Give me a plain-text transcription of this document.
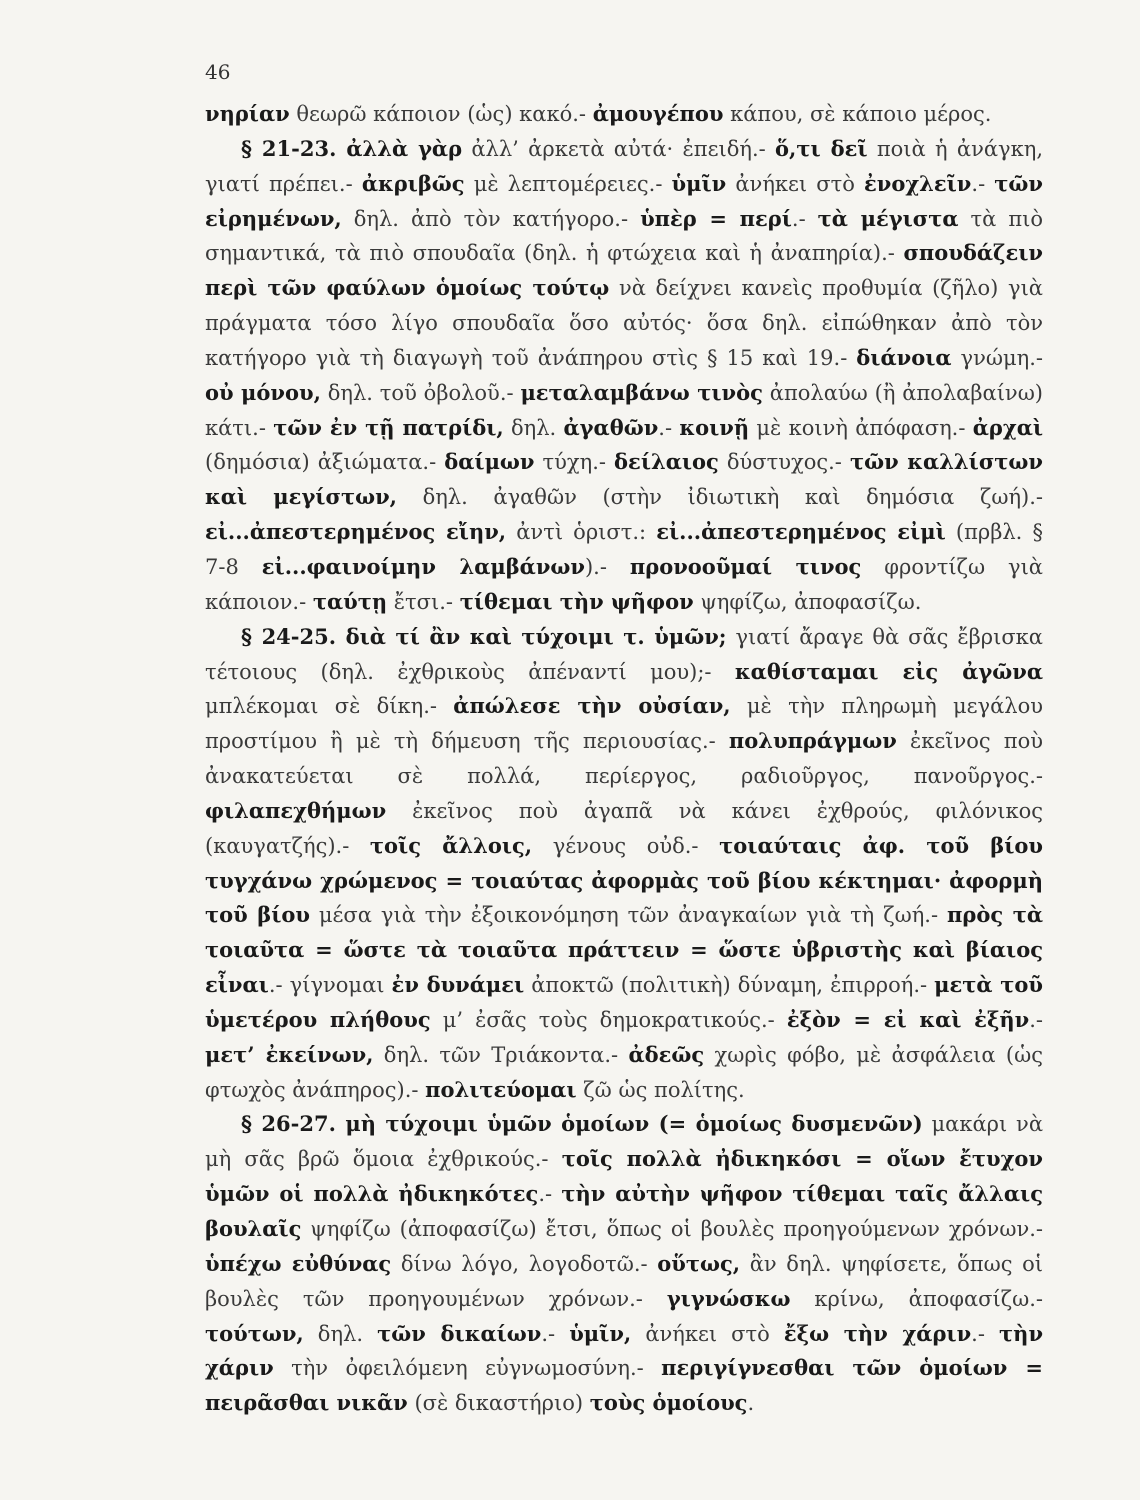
46

νηρίαν θεωρῶ κάποιον (ὡς) κακό.- ἀμουγέπου κάπου, σὲ κάποιο μέρος.

§ 21-23. ἀλλὰ γὰρ ἀλλ’ ἀρκετὰ αὐτά· ἐπειδή.- ὅ,τι δεῖ ποιὰ ἡ ἀνάγκη, γιατί πρέπει.- ἀκριβῶς μὲ λεπτομέρειες.- ὑμῖν ἀνήκει στὸ ἐνοχλεῖν.- τῶν εἰρημένων, δηλ. ἀπὸ τὸν κατήγορο.- ὑπὲρ = περί.- τὰ μέγιστα τὰ πιὸ σημαντικά, τὰ πιὸ σπουδαῖα (δηλ. ἡ φτώχεια καὶ ἡ ἀναπηρία).- σπουδάζειν περὶ τῶν φαύλων ὁμοίως τούτῳ νὰ δείχνει κανεὶς προθυμία (ζῆλο) γιὰ πράγματα τόσο λίγο σπουδαῖα ὅσο αὐτός· ὅσα δηλ. εἰπώθηκαν ἀπὸ τὸν κατήγορο γιὰ τὴ διαγωγὴ τοῦ ἀνάπηρου στὶς § 15 καὶ 19.- διάνοια γνώμη.- οὐ μόνου, δηλ. τοῦ ὀβολοῦ.- μεταλαμβάνω τινὸς ἀπολαύω (ἢ ἀπολαβαίνω) κάτι.- τῶν ἐν τῇ πατρίδι, δηλ. ἀγαθῶν.- κοινῇ μὲ κοινὴ ἀπόφαση.- ἀρχαὶ (δημόσια) ἀξιώματα.- δαίμων τύχη.- δείλαιος δύστυχος.- τῶν καλλίστων καὶ μεγίστων, δηλ. ἀγαθῶν (στὴν ἰδιωτικὴ καὶ δημόσια ζωή).- εἰ...ἀπεστερημένος εἴην, ἀντὶ ὁριστ.: εἰ...ἀπεστερημένος εἰμὶ (πρβλ. § 7-8 εἰ...φαινοίμην λαμβάνων).- προνοοῦμαί τινος φροντίζω γιὰ κάποιον.- ταύτῃ ἔτσι.- τίθεμαι τὴν ψῆφον ψηφίζω, ἀποφασίζω.

§ 24-25. διὰ τί ἂν καὶ τύχοιμι τ. ὑμῶν; γιατί ἄραγε θὰ σᾶς ἔβρισκα τέτοιους (δηλ. ἐχθρικοὺς ἀπέναντί μου);- καθίσταμαι εἰς ἀγῶνα μπλέκομαι σὲ δίκη.- ἀπώλεσε τὴν οὐσίαν, μὲ τὴν πληρωμὴ μεγάλου προστίμου ἢ μὲ τὴ δήμευση τῆς περιουσίας.- πολυπράγμων ἐκεῖνος ποὺ ἀνακατεύεται σὲ πολλά, περίεργος, ραδιοῦργος, πανοῦργος.- φιλαπεχθήμων ἐκεῖνος ποὺ ἀγαπᾶ νὰ κάνει ἐχθρούς, φιλόνικος (καυγατζής).- τοῖς ἄλλοις, γένους οὐδ.- τοιαύταις ἀφ. τοῦ βίου τυγχάνω χρώμενος = τοιαύτας ἀφορμὰς τοῦ βίου κέκτημαι· ἀφορμὴ τοῦ βίου μέσα γιὰ τὴν ἐξοικονόμηση τῶν ἀναγκαίων γιὰ τὴ ζωή.- πρὸς τὰ τοιαῦτα = ὥστε τὰ τοιαῦτα πράττειν = ὥστε ὑβριστὴς καὶ βίαιος εἶναι.- γίγνομαι ἐν δυνάμει ἀποκτῶ (πολιτικὴ) δύναμη, ἐπιρροή.- μετὰ τοῦ ὑμετέρου πλήθους μ’ ἐσᾶς τοὺς δημοκρατικούς.- ἐξὸν = εἰ καὶ ἐξῆν.- μετ’ ἐκείνων, δηλ. τῶν Τριάκοντα.- ἀδεῶς χωρὶς φόβο, μὲ ἀσφάλεια (ὡς φτωχὸς ἀνάπηρος).- πολιτεύομαι ζῶ ὡς πολίτης.

§ 26-27. μὴ τύχοιμι ὑμῶν ὁμοίων (= ὁμοίως δυσμενῶν) μακάρι νὰ μὴ σᾶς βρῶ ὅμοια ἐχθρικούς.- τοῖς πολλὰ ἠδικηκόσι = οἵων ἔτυχον ὑμῶν οἱ πολλὰ ἠδικηκότες.- τὴν αὐτὴν ψῆφον τίθεμαι ταῖς ἄλλαις βουλαῖς ψηφίζω (ἀποφασίζω) ἔτσι, ὅπως οἱ βουλὲς προηγούμενων χρόνων.- ὑπέχω εὐθύνας δίνω λόγο, λογοδοτῶ.- οὕτως, ἂν δηλ. ψηφίσετε, ὅπως οἱ βουλὲς τῶν προηγουμένων χρόνων.- γιγνώσκω κρίνω, ἀποφασίζω.- τούτων, δηλ. τῶν δικαίων.- ὑμῖν, ἀνήκει στὸ ἔξω τὴν χάριν.- τὴν χάριν τὴν ὀφειλόμενη εὐγνωμοσύνη.- περιγίγνεσθαι τῶν ὁμοίων = πειρᾶσθαι νικᾶν (σὲ δικαστήριο) τοὺς ὁμοίους.
